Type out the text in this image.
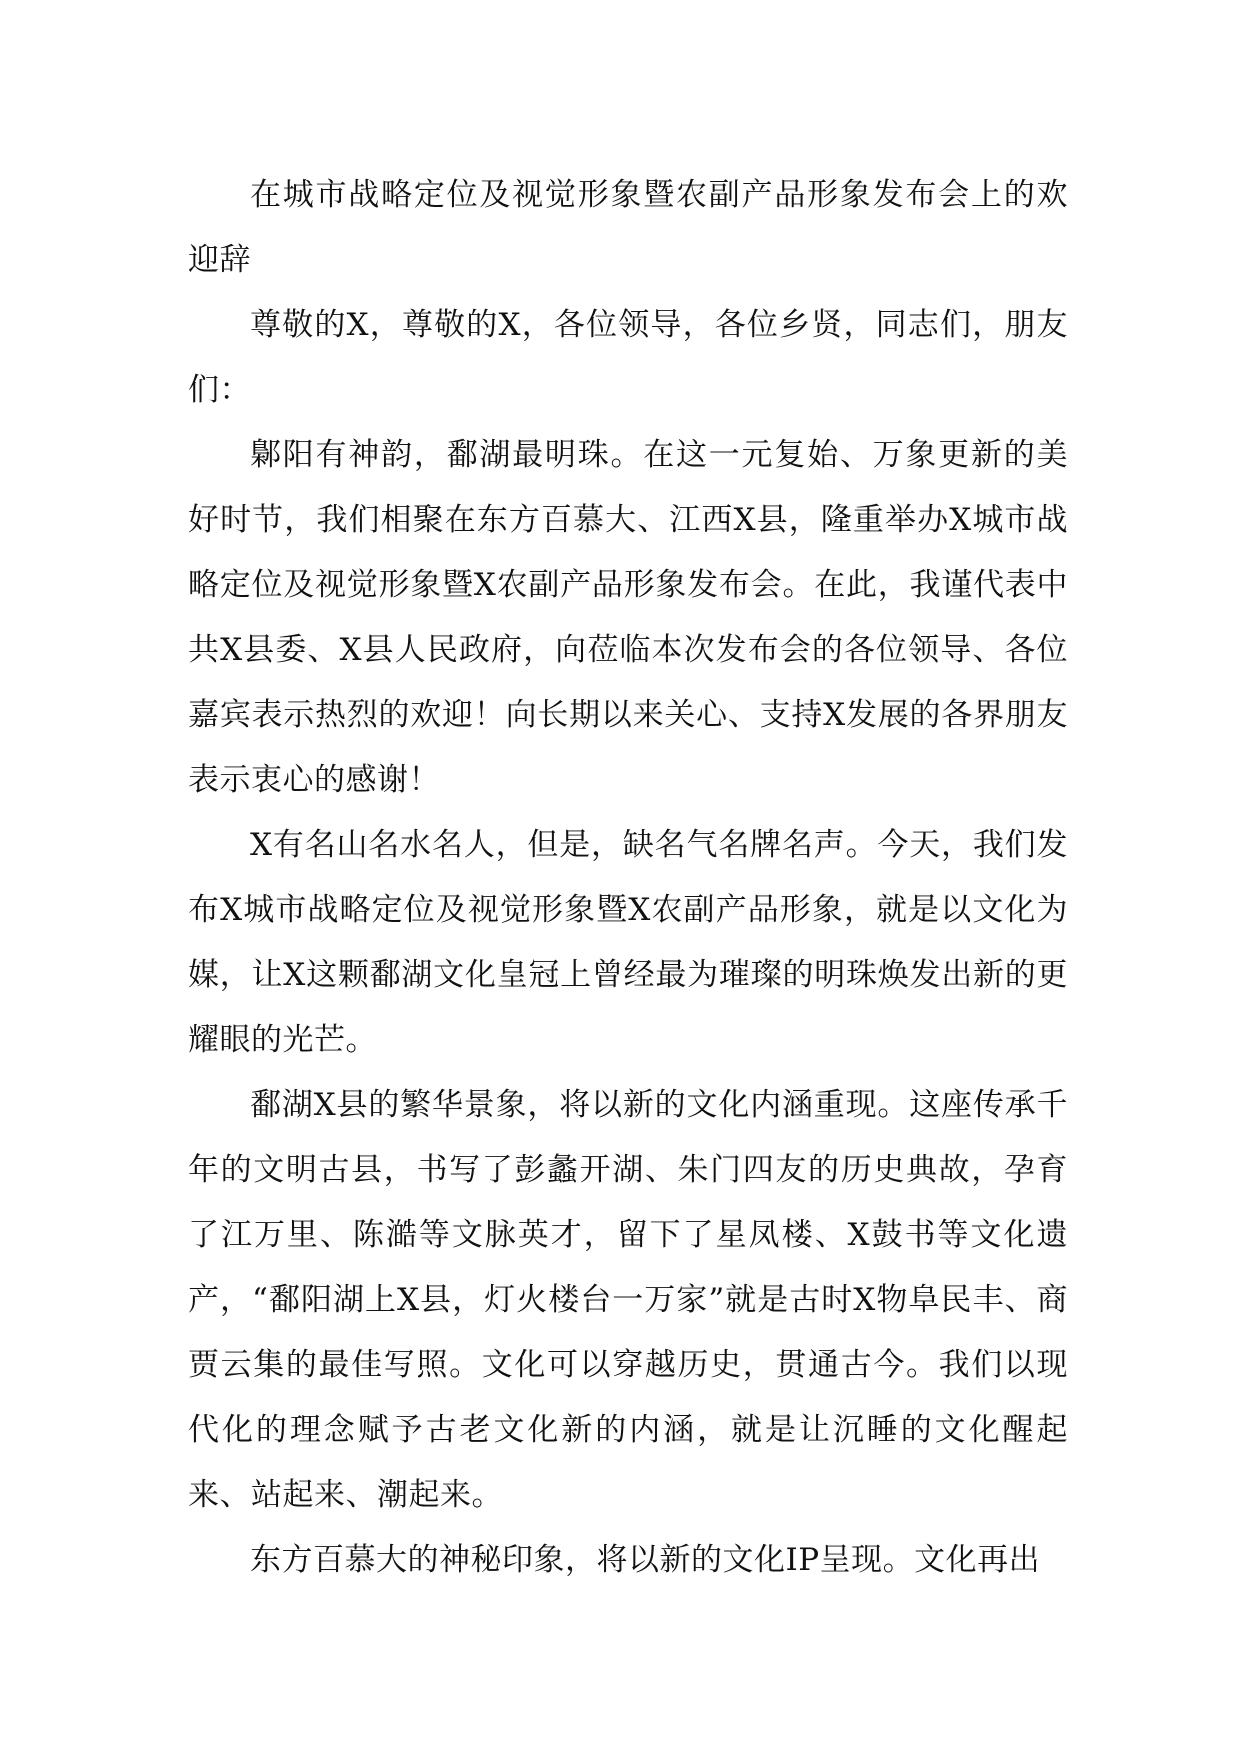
在城市战略定位及视觉形象暨农副产品形象发布会上的欢迎辞

尊敬的X，尊敬的X，各位领导，各位乡贤，同志们，朋友们：

鄡阳有神韵，鄱湖最明珠。在这一元复始、万象更新的美好时节，我们相聚在东方百慕大、江西X县，隆重举办X城市战略定位及视觉形象暨X农副产品形象发布会。在此，我谨代表中共X县委、X县人民政府，向莅临本次发布会的各位领导、各位嘉宾表示热烈的欢迎！向长期以来关心、支持X发展的各界朋友表示衷心的感谢！

X有名山名水名人，但是，缺名气名牌名声。今天，我们发布X城市战略定位及视觉形象暨X农副产品形象，就是以文化为媒，让X这颗鄱湖文化皇冠上曾经最为璀璨的明珠焕发出新的更耀眼的光芒。

鄱湖X县的繁华景象，将以新的文化内涵重现。这座传承千年的文明古县，书写了彭蠡开湖、朱门四友的历史典故，孕育了江万里、陈澔等文脉英才，留下了星凤楼、X鼓书等文化遗产，“鄱阳湖上X县，灯火楼台一万家”就是古时X物阜民丰、商贾云集的最佳写照。文化可以穿越历史，贯通古今。我们以现代化的理念赋予古老文化新的内涵，就是让沉睡的文化醒起来、站起来、潮起来。

东方百慕大的神秘印象，将以新的文化IP呈现。文化再出
